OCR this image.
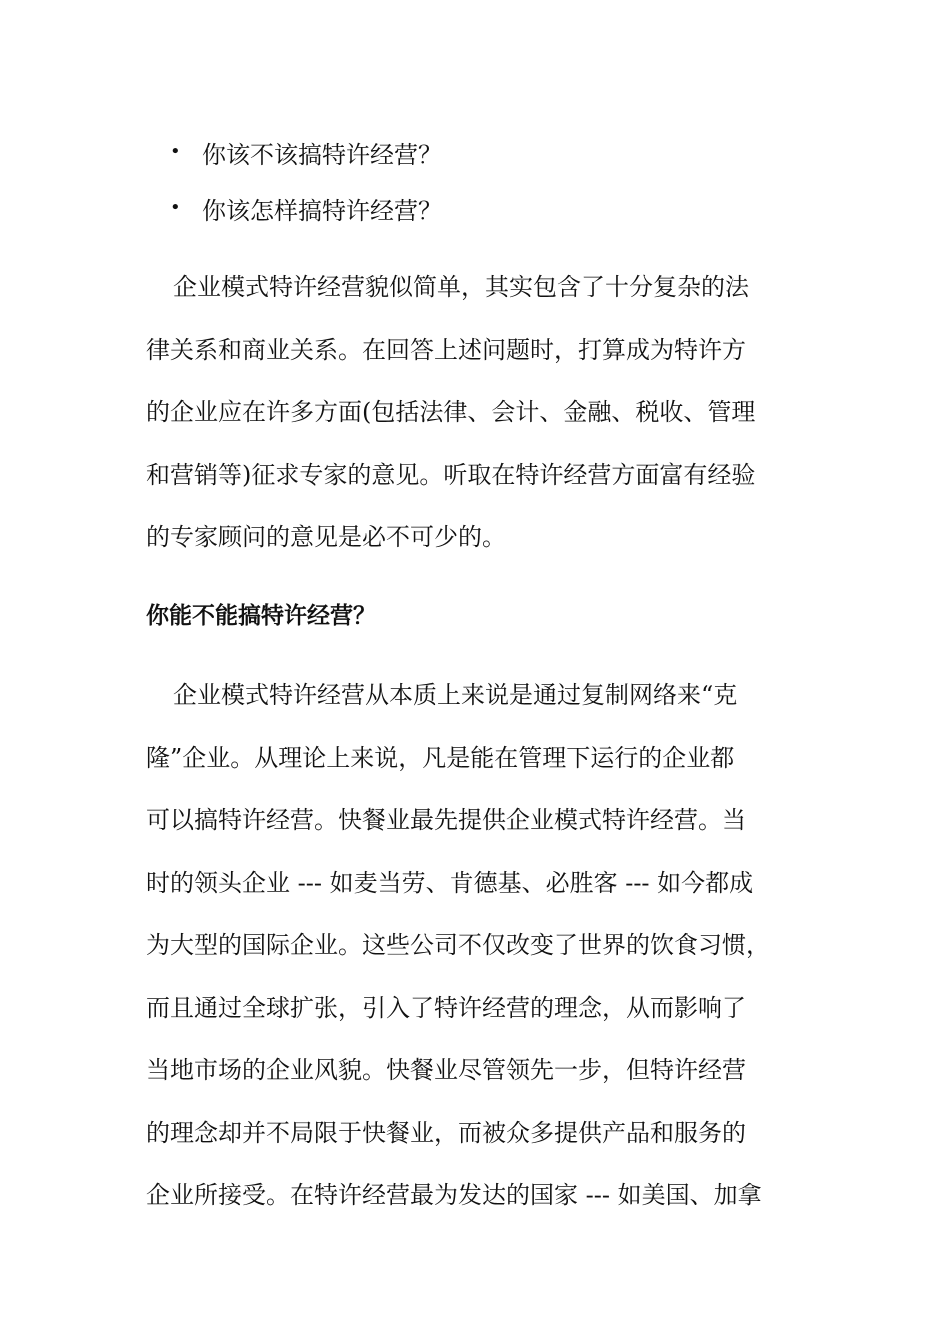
• 你该不该搞特许经营？
• 你该怎样搞特许经营？
企业模式特许经营貌似简单，其实包含了十分复杂的法
律关系和商业关系。在回答上述问题时，打算成为特许方
的企业应在许多方面(包括法律、会计、金融、税收、管理
和营销等)征求专家的意见。听取在特许经营方面富有经验
的专家顾问的意见是必不可少的。
你能不能搞特许经营？
企业模式特许经营从本质上来说是通过复制网络来“克
隆”企业。从理论上来说，凡是能在管理下运行的企业都
可以搞特许经营。快餐业最先提供企业模式特许经营。当
时的领头企业 --- 如麦当劳、肯德基、必胜客 --- 如今都成
为大型的国际企业。这些公司不仅改变了世界的饮食习惯，
而且通过全球扩张，引入了特许经营的理念，从而影响了
当地市场的企业风貌。快餐业尽管领先一步，但特许经营
的理念却并不局限于快餐业，而被众多提供产品和服务的
企业所接受。在特许经营最为发达的国家 --- 如美国、加拿
